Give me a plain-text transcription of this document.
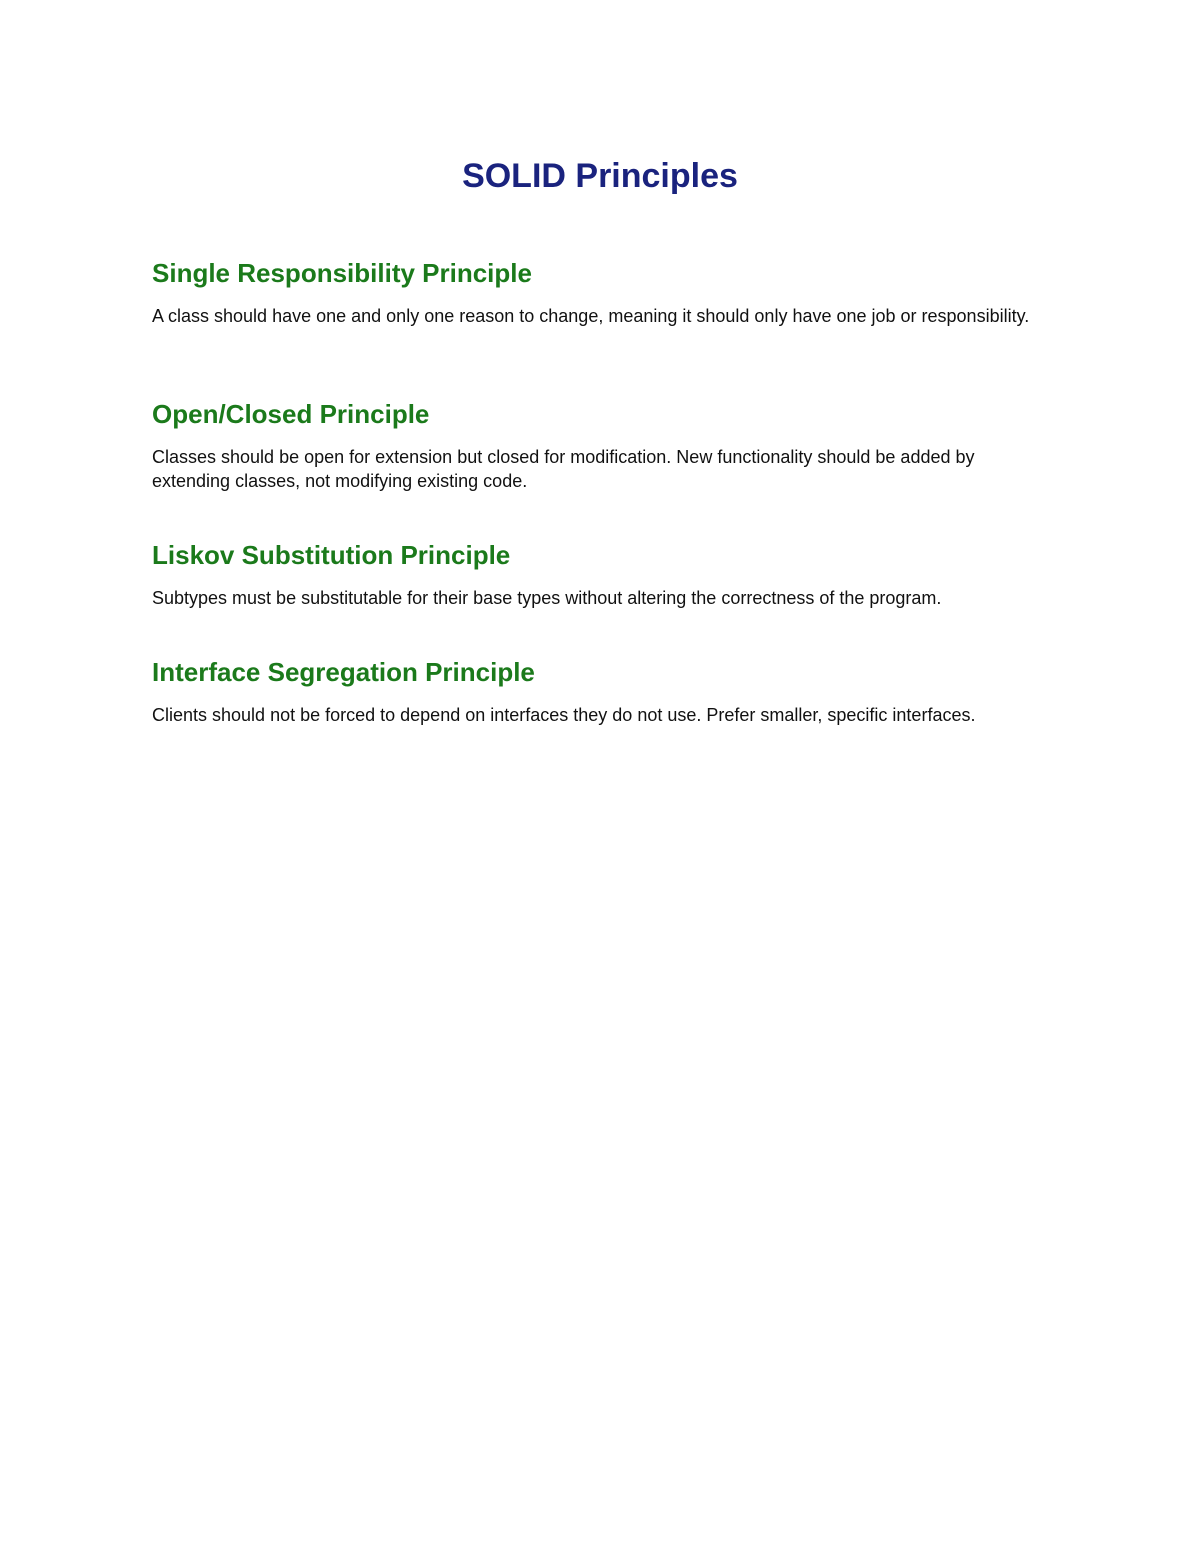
SOLID Principles
Single Responsibility Principle

A class should have one and only one reason to change, meaning it should only have one job or responsibility.

Open/Closed Principle

Classes should be open for extension but closed for modification. New functionality should be added by extending classes, not modifying existing code.

Liskov Substitution Principle

Subtypes must be substitutable for their base types without altering the correctness of the program.

Interface Segregation Principle

Clients should not be forced to depend on interfaces they do not use. Prefer smaller, specific interfaces.
